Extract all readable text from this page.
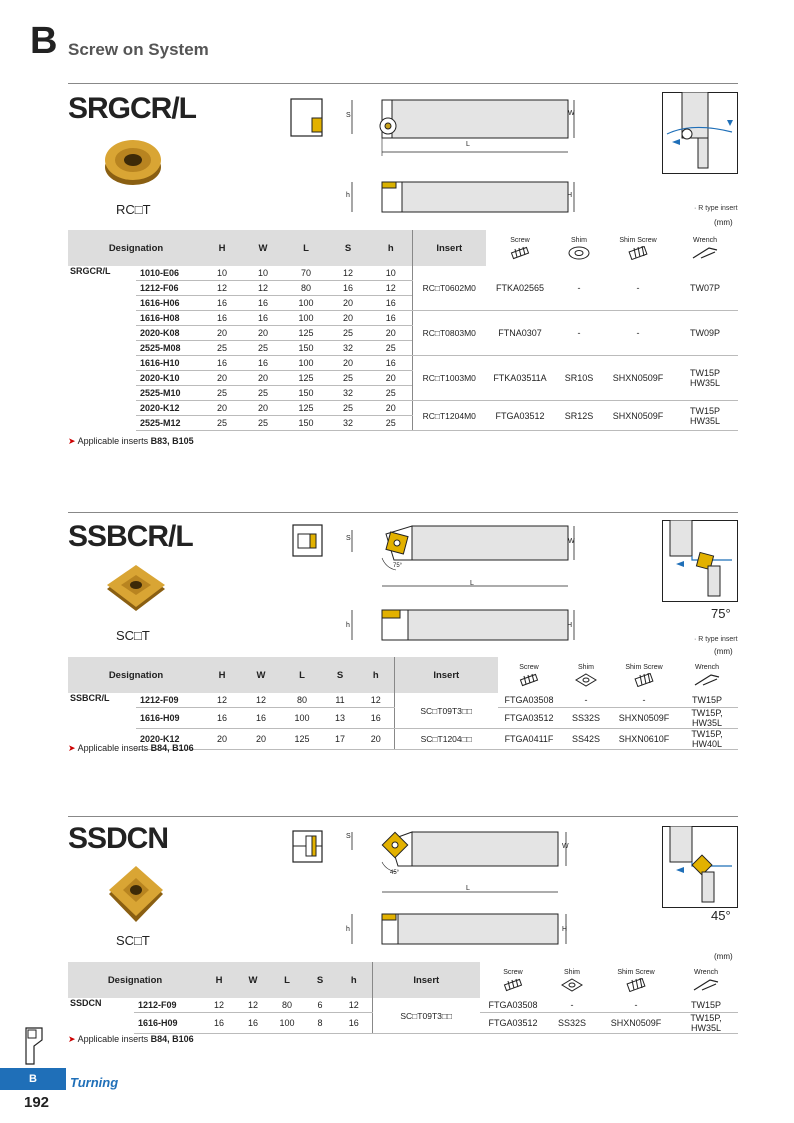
B Screw on System
SRGCR/L
RC□T
S	W
L
h	H
· R type insert
(mm)
Designation		H	W	L	S	h	Insert	Screw	Shim	Shim Screw	Wrench

SRGCR/L	1010-E06	10	10	70	12	10	RC□T0602M0	FTKA02565	-	-	TW07P
	1212-F06	12	12	80	16	12					
	1616-H06	16	16	100	20	16					
	1616-H08	16	16	100	20	16	RC□T0803M0	FTNA0307	-	-	TW09P
	2020-K08	20	20	125	25	20					
	2525-M08	25	25	150	32	25					
	1616-H10	16	16	100	20	16	RC□T1003M0	FTKA03511A	SR10S	SHXN0509F	TW15P
HW35L
	2020-K10	20	20	125	25	20					
	2525-M10	25	25	150	32	25					
	2020-K12	20	20	125	25	20	RC□T1204M0	FTGA03512	SR12S	SHXN0509F	TW15P
HW35L
	2525-M12	25	25	150	32	25					
➤ Applicable inserts B83, B105
SSBCR/L
SC□T
S	W
75°
L
h	H
75°
· R type insert
(mm)
Designation		H	W	L	S	h	Insert	Screw	Shim	Shim Screw	Wrench

SSBCR/L	1212-F09	12	12	80	11	12	SC□T09T3□□	FTGA03508	-	-	TW15P
	1616-H09	16	16	100	13	16		FTGA03512	SS32S	SHXN0509F	TW15P, HW35L
	2020-K12	20	20	125	17	20	SC□T1204□□	FTGA0411F	SS42S	SHXN0610F	TW15P, HW40L
➤ Applicable inserts B84, B106
SSDCN
SC□T
S
W
45°
L
h	H
45°
(mm)
Designation		H	W	L	S	h	Insert	Screw	Shim	Shim Screw	Wrench

SSDCN	1212-F09	12	12	80	6	12	SC□T09T3□□	FTGA03508	-	-	TW15P
	1616-H09	16	16	100	8	16		FTGA03512	SS32S	SHXN0509F	TW15P, HW35L
➤ Applicable inserts B84, B106
B	Turning
192
